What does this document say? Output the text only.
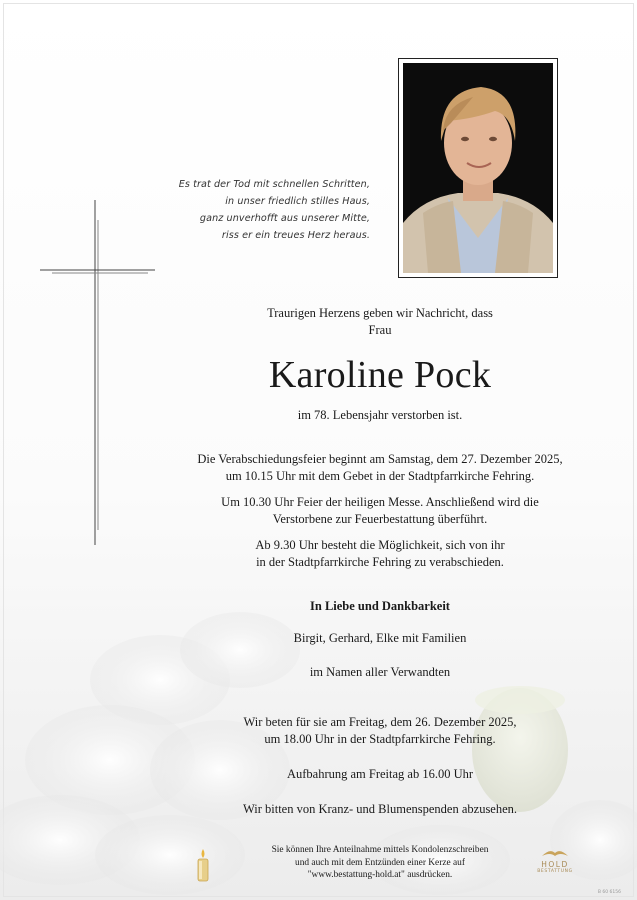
Es trat der Tod mit schnellen Schritten,
in unser friedlich stilles Haus,
ganz unverhofft aus unserer Mitte,
riss er ein treues Herz heraus.
Traurigen Herzens geben wir Nachricht, dass
Frau
Karoline Pock
im 78. Lebensjahr verstorben ist.
Die Verabschiedungsfeier beginnt am Samstag, dem 27. Dezember 2025,
um 10.15 Uhr mit dem Gebet in der Stadtpfarrkirche Fehring.
Um 10.30 Uhr Feier der heiligen Messe. Anschließend wird die
Verstorbene zur Feuerbestattung überführt.
Ab 9.30 Uhr besteht die Möglichkeit, sich von ihr
in der Stadtpfarrkirche Fehring zu verabschieden.
In Liebe und Dankbarkeit
Birgit, Gerhard, Elke mit Familien
im Namen aller Verwandten
Wir beten für sie am Freitag, dem 26. Dezember 2025,
um 18.00 Uhr in der Stadtpfarrkirche Fehring.
Aufbahrung am Freitag ab 16.00 Uhr
Wir bitten von Kranz- und Blumenspenden abzusehen.
Sie können Ihre Anteilnahme mittels Kondolenzschreiben
und auch mit dem Entzünden einer Kerze auf
"www.bestattung-hold.at" ausdrücken.
HOLD
BESTATTUNG
B 60 6156
